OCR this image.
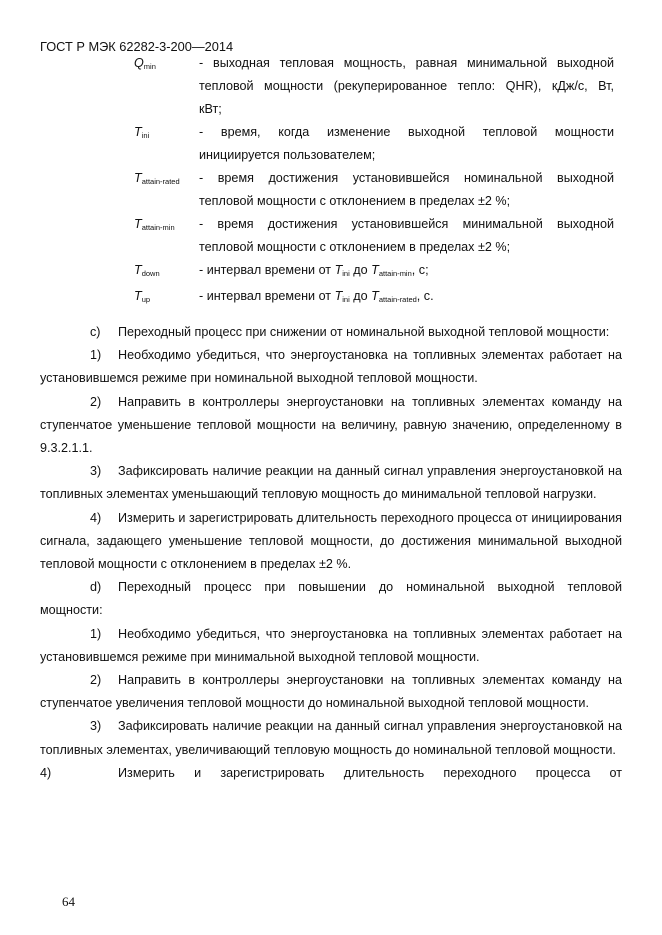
ГОСТ Р МЭК 62282-3-200—2014
$Q_{min}$	- выходная тепловая мощность, равная минимальной выходной
тепловой мощности (рекуперированное тепло: QHR), кДж/с, Вт,
кВт;
$T_{ini}$	- время, когда изменение выходной тепловой мощности
инициируется пользователем;
$T_{attain-rated}$	- время достижения установившейся номинальной выходной
тепловой мощности с отклонением в пределах ±2 %;
$T_{attain-min}$	- время достижения установившейся минимальной выходной
тепловой мощности с отклонением в пределах ±2 %;
$T_{down}$	- интервал времени от $T_{ini}$ до $T_{attain-min}$, с;
$T_{up}$	- интервал времени от $T_{ini}$ до $T_{attain-rated}$, с.

c) Переходный процесс при снижении от номинальной выходной тепловой мощности:

1) Необходимо убедиться, что энергоустановка на топливных элементах работает на установившемся режиме при номинальной выходной тепловой мощности.

2) Направить в контроллеры энергоустановки на топливных элементах команду на ступенчатое уменьшение тепловой мощности на величину, равную значению, определенному в 9.3.2.1.1.

3) Зафиксировать наличие реакции на данный сигнал управления энергоустановкой на топливных элементах уменьшающий тепловую мощность до минимальной тепловой нагрузки.

4) Измерить и зарегистрировать длительность переходного процесса от инициирования сигнала, задающего уменьшение тепловой мощности, до достижения минимальной выходной тепловой мощности с отклонением в пределах ±2 %.

d) Переходный процесс при повышении до номинальной выходной тепловой мощности:

1) Необходимо убедиться, что энергоустановка на топливных элементах работает на установившемся режиме при минимальной выходной тепловой мощности.

2) Направить в контроллеры энергоустановки на топливных элементах команду на ступенчатое увеличения тепловой мощности до номинальной выходной тепловой мощности.

3) Зафиксировать наличие реакции на данный сигнал управления энергоустановкой на топливных элементах, увеличивающий тепловую мощность до номинальной тепловой мощности.

4)	Измерить и зарегистрировать длительность переходного процесса от

64
